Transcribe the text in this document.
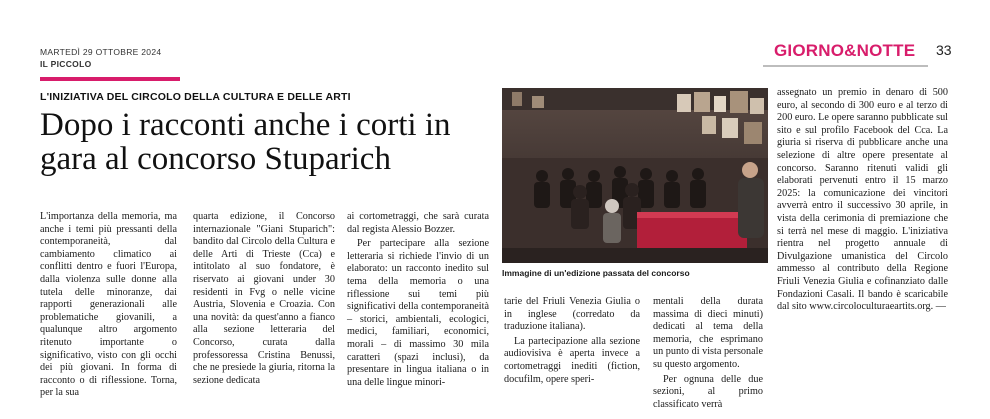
MARTEDÌ 29 OTTOBRE 2024
IL PICCOLO
GIORNO&NOTTE 33
L'INIZIATIVA DEL CIRCOLO DELLA CULTURA E DELLE ARTI
Dopo i racconti anche i corti in gara al concorso Stuparich

L'importanza della memoria, ma anche i temi più pressanti della contemporaneità, dal cambiamento climatico ai conflitti dentro e fuori l'Europa, dalla violenza sulle donne alla tutela delle minoranze, dai rapporti generazionali alle problematiche giovanili, a qualunque altro argomento ritenuto importante o significativo, visto con gli occhi dei più giovani. In forma di racconto o di riflessione. Torna, per la sua

quarta edizione, il Concorso internazionale "Giani Stuparich": bandito dal Circolo della Cultura e delle Arti di Trieste (Cca) e intitolato al suo fondatore, è riservato ai giovani under 30 residenti in Fvg o nelle vicine Austria, Slovenia e Croazia. Con una novità: da quest'anno a fianco alla sezione letteraria del Concorso, curata dalla professoressa Cristina Benussi, che ne presiede la giuria, ritorna la sezione dedicata

ai cortometraggi, che sarà curata dal regista Alessio Bozzer.

Per partecipare alla sezione letteraria si richiede l'invio di un elaborato: un racconto inedito sul tema della memoria o una riflessione sui temi più significativi della contemporaneità – storici, ambientali, ecologici, medici, familiari, economici, morali – di massimo 30 mila caratteri (spazi inclusi), da presentare in lingua italiana o in una delle lingue minori-

Immagine di un'edizione passata del concorso

tarie del Friuli Venezia Giulia o in inglese (corredato da traduzione italiana).

La partecipazione alla sezione audiovisiva è aperta invece a cortometraggi inediti (fiction, docufilm, opere speri-

mentali della durata massima di dieci minuti) dedicati al tema della memoria, che esprimano un punto di vista personale su questo argomento.

Per ognuna delle due sezioni, al primo classificato verrà

assegnato un premio in denaro di 500 euro, al secondo di 300 euro e al terzo di 200 euro. Le opere saranno pubblicate sul sito e sul profilo Facebook del Cca. La giuria si riserva di pubblicare anche una selezione di altre opere presentate al concorso. Saranno ritenuti validi gli elaborati pervenuti entro il 15 marzo 2025: la comunicazione dei vincitori avverrà entro il successivo 30 aprile, in vista della cerimonia di premiazione che si terrà nel mese di maggio. L'iniziativa rientra nel progetto annuale di Divulgazione umanistica del Circolo ammesso al contributo della Regione Friuli Venezia Giulia e cofinanziato dalle Fondazioni Casali. Il bando è scaricabile dal sito www.circoloculturaeartits.org. —
